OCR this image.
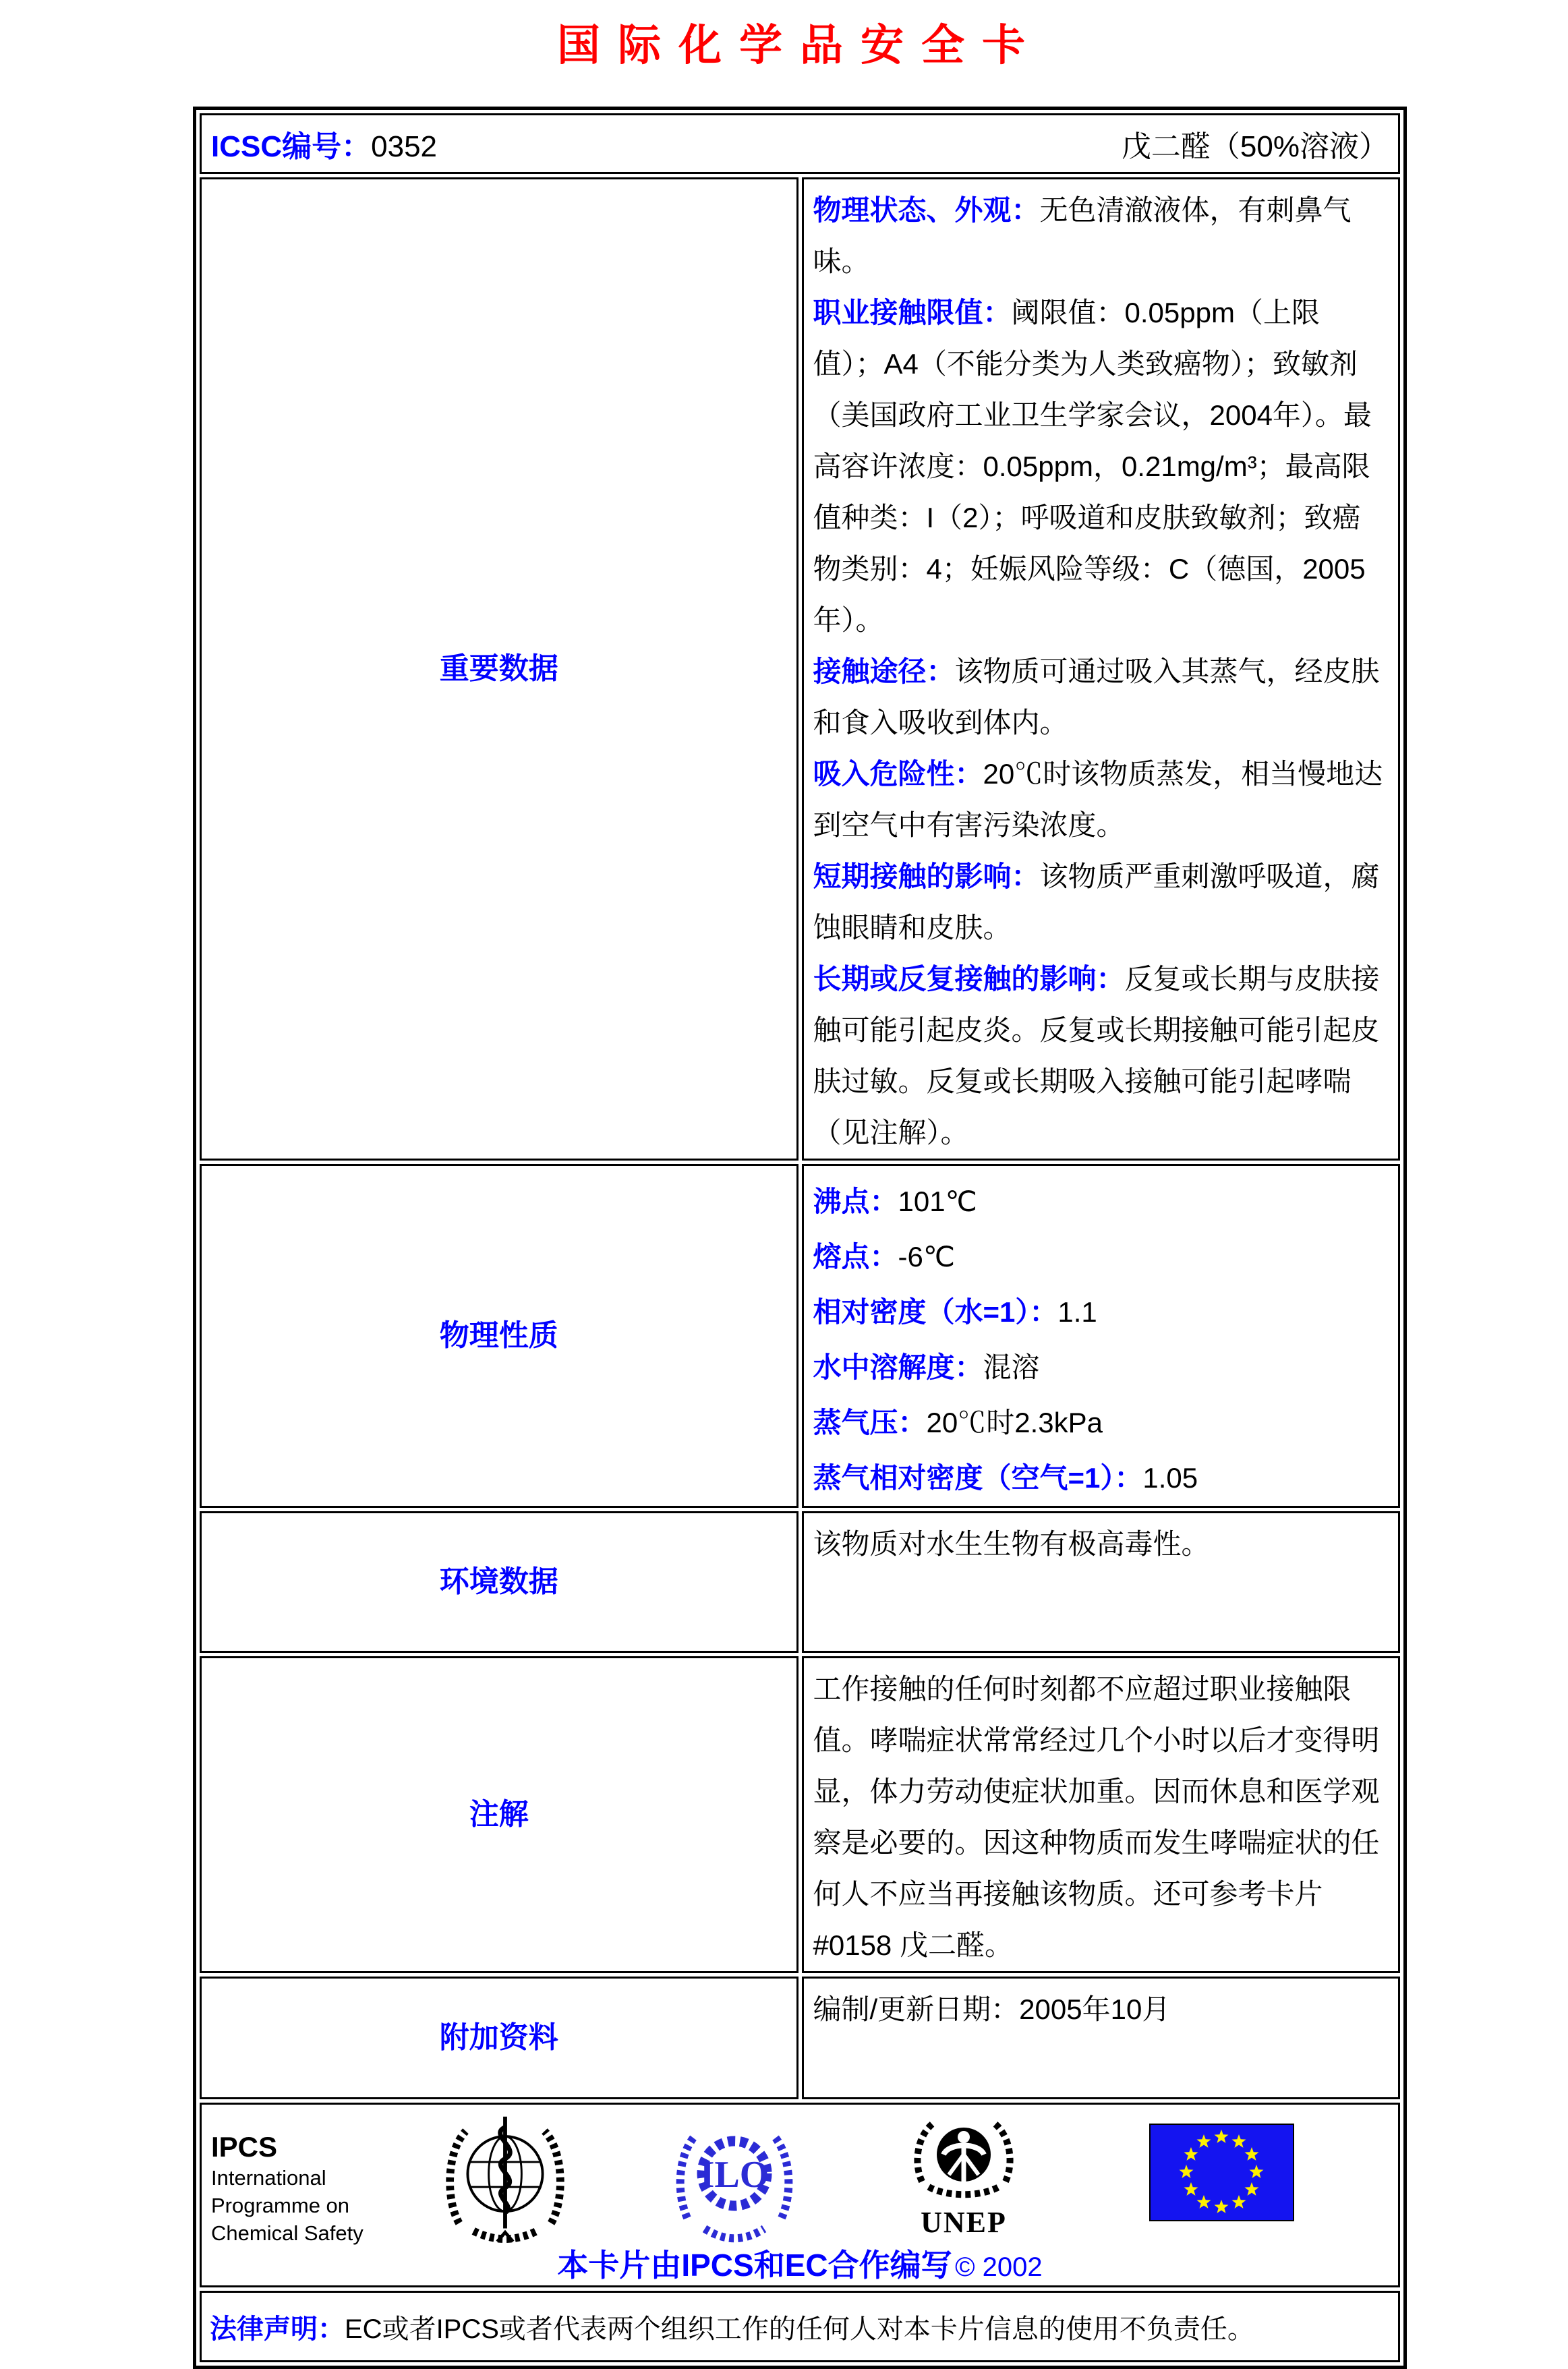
国际化学品安全卡
ICSC编号：0352 戊二醛（50%溶液）	

重要数据	
物理状态、外观：无色清澈液体，有刺鼻气味。
职业接触限值：阈限值：0.05ppm（上限值）；A4（不能分类为人类致癌物）；致敏剂（美国政府工业卫生学家会议，2004年）。最高容许浓度：0.05ppm，0.21mg/m³；最高限值种类：I（2）；呼吸道和皮肤致敏剂；致癌物类别：4；妊娠风险等级：C（德国，2005年）。
接触途径：该物质可通过吸入其蒸气，经皮肤和食入吸收到体内。
吸入危险性：20℃时该物质蒸发，相当慢地达到空气中有害污染浓度。
短期接触的影响：该物质严重刺激呼吸道，腐蚀眼睛和皮肤。
长期或反复接触的影响：反复或长期与皮肤接触可能引起皮炎。反复或长期接触可能引起皮肤过敏。反复或长期吸入接触可能引起哮喘（见注解）。

物理性质	
沸点：101℃
熔点：-6℃
相对密度（水=1）：1.1
水中溶解度：混溶
蒸气压：20℃时2.3kPa
蒸气相对密度（空气=1）：1.05

环境数据	该物质对水生生物有极高毒性。

注解	工作接触的任何时刻都不应超过职业接触限值。哮喘症状常常经过几个小时以后才变得明显，体力劳动使症状加重。因而休息和医学观察是必要的。因这种物质而发生哮喘症状的任何人不应当再接触该物质。还可参考卡片#0158 戊二醛。

附加资料	编制/更新日期：2005年10月

IPCS
International
Programme on
Chemical Safety
ILO
UNEP
本卡片由IPCS和EC合作编写 © 2002

法律声明：EC或者IPCS或者代表两个组织工作的任何人对本卡片信息的使用不负责任。	
